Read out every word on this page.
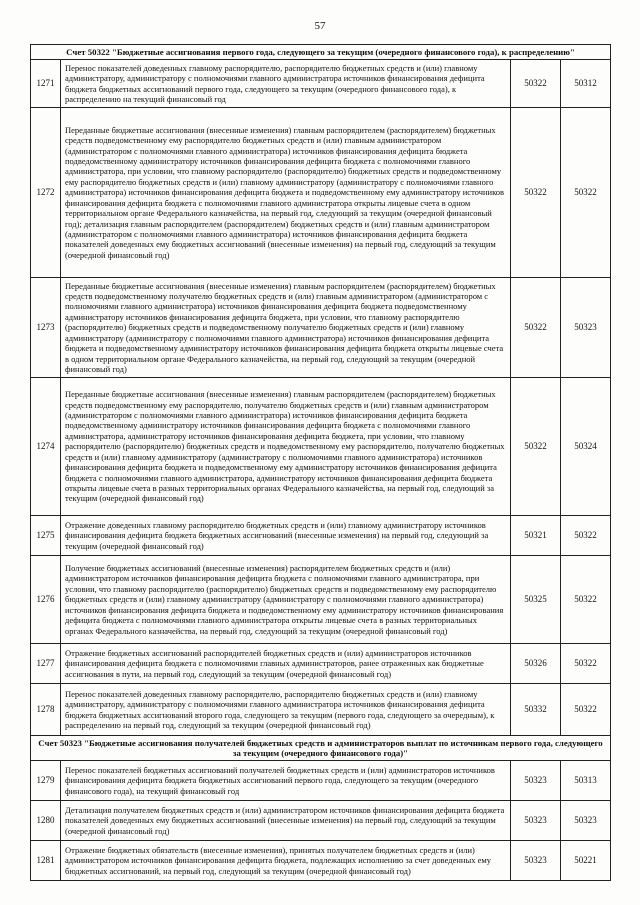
57
Счет 50322 "Бюджетные ассигнования первого года, следующего за текущим (очередного финансового года), к распределению"			
1271	Перенос показателей доведенных главному распорядителю, распорядителю бюджетных средств и (или) главному администратору, администратору с полномочиями главного администратора источников финансирования дефицита бюджета бюджетных ассигнований первого года, следующего за текущим (очередного финансового года), к распределению на текущий финансовый год	50322	50312
1272	Переданные бюджетные ассигнования (внесенные изменения) главным распорядителем (распорядителем) бюджетных средств подведомственному ему распорядителю бюджетных средств и (или) главным администратором (администратором с полномочиями главного администратора) источников финансирования дефицита бюджета подведомственному администратору источников финансирования дефицита бюджета с полномочиями главного администратора, при условии, что главному распорядителю (распорядителю) бюджетных средств и подведомственному ему распорядителю бюджетных средств и (или) главному администратору (администратору с полномочиями главного администратора) источников финансирования дефицита бюджета и подведомственному ему администратору источников финансирования дефицита бюджета с полномочиями главного администратора открыты лицевые счета в одном территориальном органе Федерального казначейства, на первый год, следующий за текущим (очередной финансовый год); детализация главным распорядителем (распорядителем) бюджетных средств и (или) главным администратором (администратором с полномочиями главного администратора) источников финансирования дефицита бюджета показателей доведенных ему бюджетных ассигнований (внесенные изменения) на первый год, следующий за текущим (очередной финансовый год)	50322	50322
1273	Переданные бюджетные ассигнования (внесенные изменения) главным распорядителем (распорядителем) бюджетных средств подведомственному получателю бюджетных средств и (или) главным администратором (администратором с полномочиями главного администратора) источников финансирования дефицита бюджета подведомственному администратору источников финансирования дефицита бюджета, при условии, что главному распорядителю (распорядителю) бюджетных средств и подведомственному получателю бюджетных средств и (или) главному администратору (администратору с полномочиями главного администратора) источников финансирования дефицита бюджета и подведомственному администратору источников финансирования дефицита бюджета открыты лицевые счета в одном территориальном органе Федерального казначейства, на первый год, следующий за текущим (очередной финансовый год)	50322	50323
1274	Переданные бюджетные ассигнования (внесенные изменения) главным распорядителем (распорядителем) бюджетных средств подведомственному ему распорядителю, получателю бюджетных средств и (или) главным администратором (администратором с полномочиями главного администратора) источников финансирования дефицита бюджета подведомственному администратору источников финансирования дефицита бюджета с полномочиями главного администратора, администратору источников финансирования дефицита бюджета, при условии, что главному распорядителю (распорядителю) бюджетных средств и подведомственному ему распорядителю, получателю бюджетных средств и (или) главному администратору (администратору с полномочиями главного администратора) источников финансирования дефицита бюджета и подведомственному ему администратору источников финансирования дефицита бюджета с полномочиями главного администратора, администратору источников финансирования дефицита бюджета открыты лицевые счета в разных территориальных органах Федерального казначейства, на первый год, следующий за текущим (очередной финансовый год)	50322	50324
1275	Отражение доведенных главному распорядителю бюджетных средств и (или) главному администратору источников финансирования дефицита бюджета бюджетных ассигнований (внесенные изменения) на первый год, следующий за текущим (очередной финансовый год)	50321	50322
1276	Получение бюджетных ассигнований (внесенные изменения) распорядителем бюджетных средств и (или) администратором источников финансирования дефицита бюджета с полномочиями главного администратора, при условии, что главному распорядителю (распорядителю) бюджетных средств и подведомственному ему распорядителю бюджетных средств и (или) главному администратору (администратору с полномочиями главного администратора) источников финансирования дефицита бюджета и подведомственному ему администратору источников финансирования дефицита бюджета с полномочиями главного администратора открыты лицевые счета в разных территориальных органах Федерального казначейства, на первый год, следующий за текущим (очередной финансовый год)	50325	50322
1277	Отражение бюджетных ассигнований распорядителей бюджетных средств и (или) администраторов источников финансирования дефицита бюджета с полномочиями главных администраторов, ранее отраженных как бюджетные ассигнования в пути, на первый год, следующий за текущим (очередной финансовый год)	50326	50322
1278	Перенос показателей доведенных главному распорядителю, распорядителю бюджетных средств и (или) главному администратору, администратору с полномочиями главного администратора источников финансирования дефицита бюджета бюджетных ассигнований второго года, следующего за текущим (первого года, следующего за очередным), к распределению на первый год, следующий за текущим (очередной финансовый год)	50332	50322
Счет 50323 "Бюджетные ассигнования получателей бюджетных средств и администраторов выплат по источникам первого года, следующего за текущим (очередного финансового года)"			
1279	Перенос показателей бюджетных ассигнований получателей бюджетных средств и (или) администраторов источников финансирования дефицита бюджета бюджетных ассигнований первого года, следующего за текущим (очередного финансового года), на текущий финансовый год	50323	50313
1280	Детализация получателем бюджетных средств и (или) администратором источников финансирования дефицита бюджета показателей доведенных ему бюджетных ассигнований (внесенные изменения) на первый год, следующий за текущим (очередной финансовый год)	50323	50323
1281	Отражение бюджетных обязательств (внесенные изменения), принятых получателем бюджетных средств и (или) администратором источников финансирования дефицита бюджета, подлежащих исполнению за счет доведенных ему бюджетных ассигнований, на первый год, следующий за текущим (очередной финансовый год)	50323	50221
